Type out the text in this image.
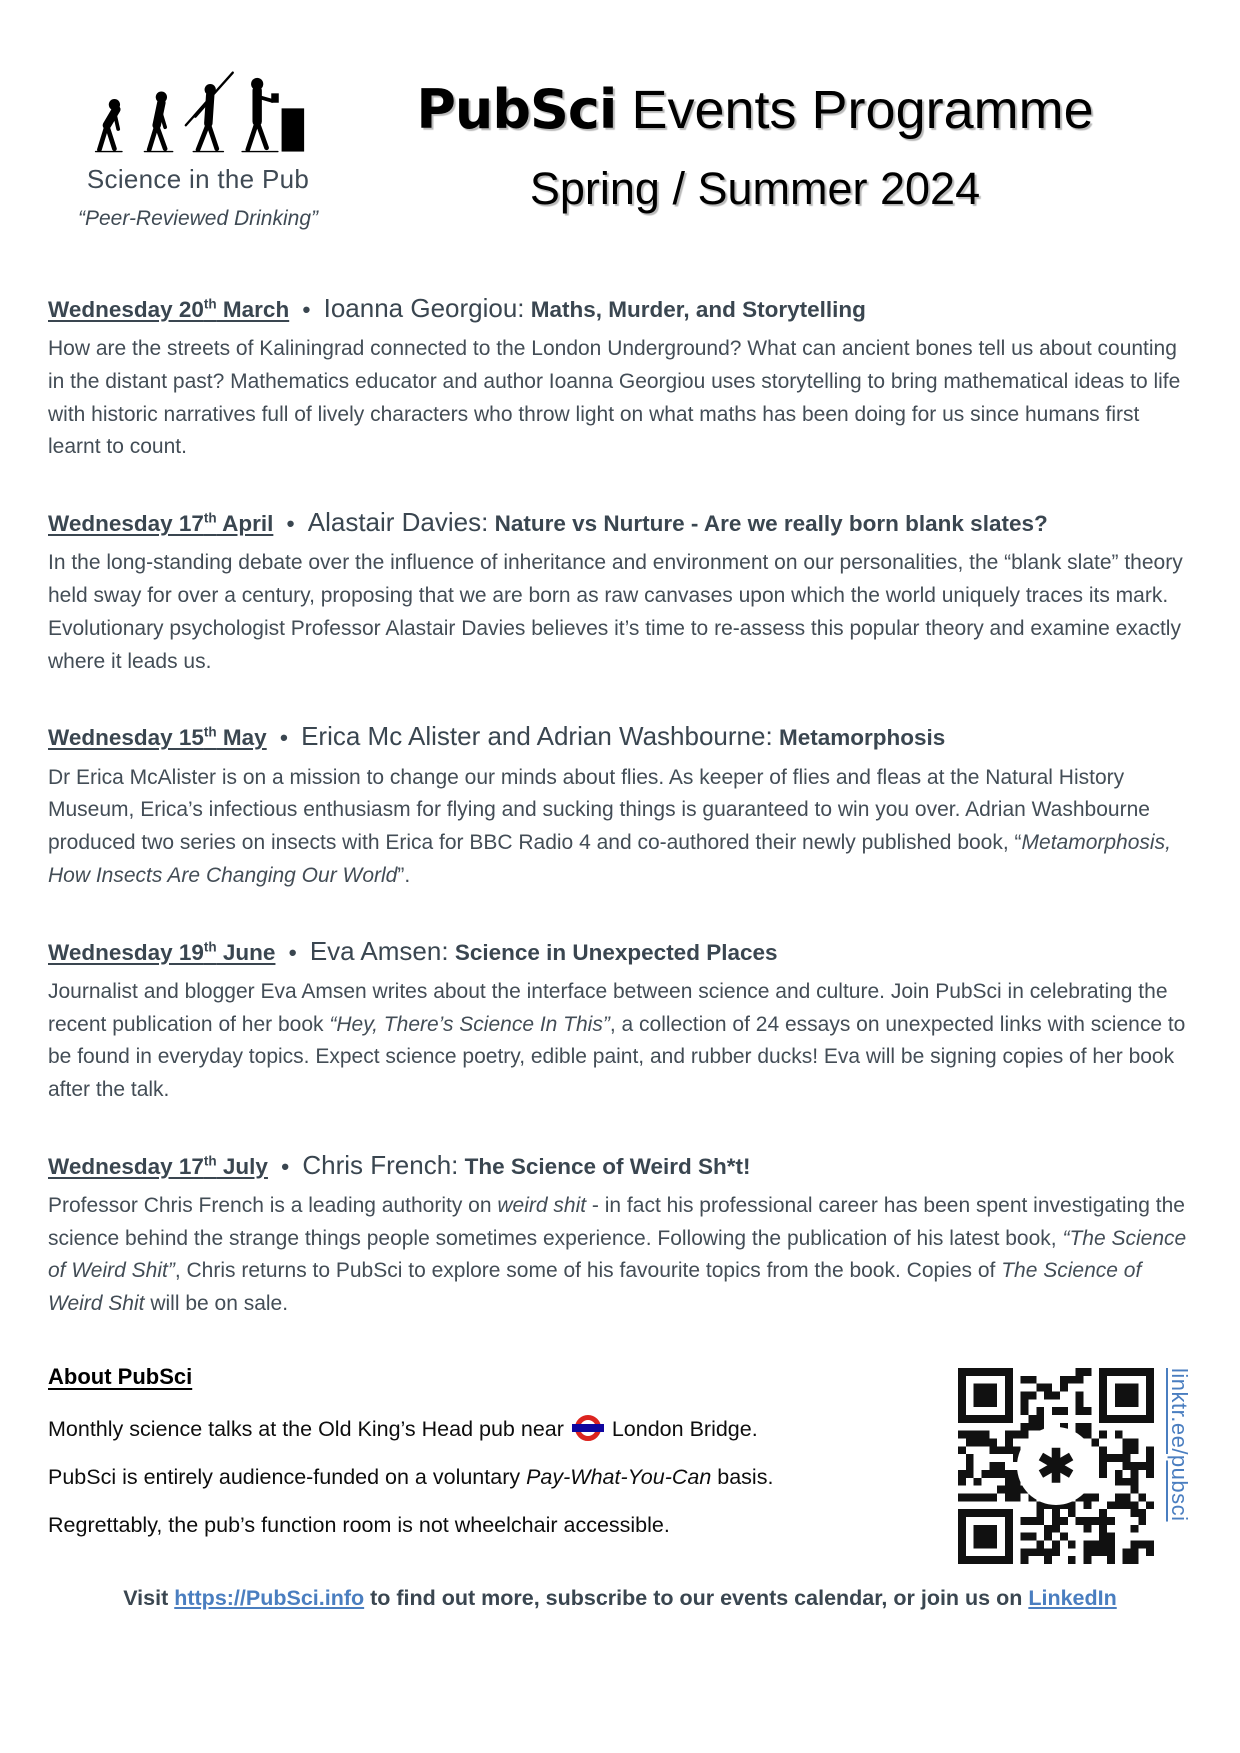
Science in the Pub
“Peer-Reviewed Drinking”
PubSci Events Programme
Spring / Summer 2024
Wednesday 20th March • Ioanna Georgiou: Maths, Murder, and Storytelling

How are the streets of Kaliningrad connected to the London Underground? What can ancient bones tell us about counting in the distant past? Mathematics educator and author Ioanna Georgiou uses storytelling to bring mathematical ideas to life with historic narratives full of lively characters who throw light on what maths has been doing for us since humans first learnt to count.

Wednesday 17th April • Alastair Davies: Nature vs Nurture - Are we really born blank slates?

In the long-standing debate over the influence of inheritance and environment on our personalities, the “blank slate” theory held sway for over a century, proposing that we are born as raw canvases upon which the world uniquely traces its mark. Evolutionary psychologist Professor Alastair Davies believes it’s time to re-assess this popular theory and examine exactly where it leads us.

Wednesday 15th May • Erica Mc Alister and Adrian Washbourne: Metamorphosis

Dr Erica McAlister is on a mission to change our minds about flies. As keeper of flies and fleas at the Natural History Museum, Erica’s infectious enthusiasm for flying and sucking things is guaranteed to win you over. Adrian Washbourne produced two series on insects with Erica for BBC Radio 4 and co-authored their newly published book, “Metamorphosis, How Insects Are Changing Our World”.

Wednesday 19th June • Eva Amsen: Science in Unexpected Places

Journalist and blogger Eva Amsen writes about the interface between science and culture. Join PubSci in celebrating the recent publication of her book “Hey, There’s Science In This”, a collection of 24 essays on unexpected links with science to be found in everyday topics. Expect science poetry, edible paint, and rubber ducks! Eva will be signing copies of her book after the talk.

Wednesday 17th July • Chris French: The Science of Weird Sh*t!

Professor Chris French is a leading authority on weird shit - in fact his professional career has been spent investigating the science behind the strange things people sometimes experience. Following the publication of his latest book, “The Science of Weird Shit”, Chris returns to PubSci to explore some of his favourite topics from the book. Copies of The Science of Weird Shit will be on sale.

About PubSci
Monthly science talks at the Old King’s Head pub near
London Bridge.
PubSci is entirely audience-funded on a voluntary Pay-What-You-Can basis.
Regrettably, the pub’s function room is not wheelchair accessible.
✱	linktr.ee/pubsci
Visit https://PubSci.info to find out more, subscribe to our events calendar, or join us on LinkedIn
